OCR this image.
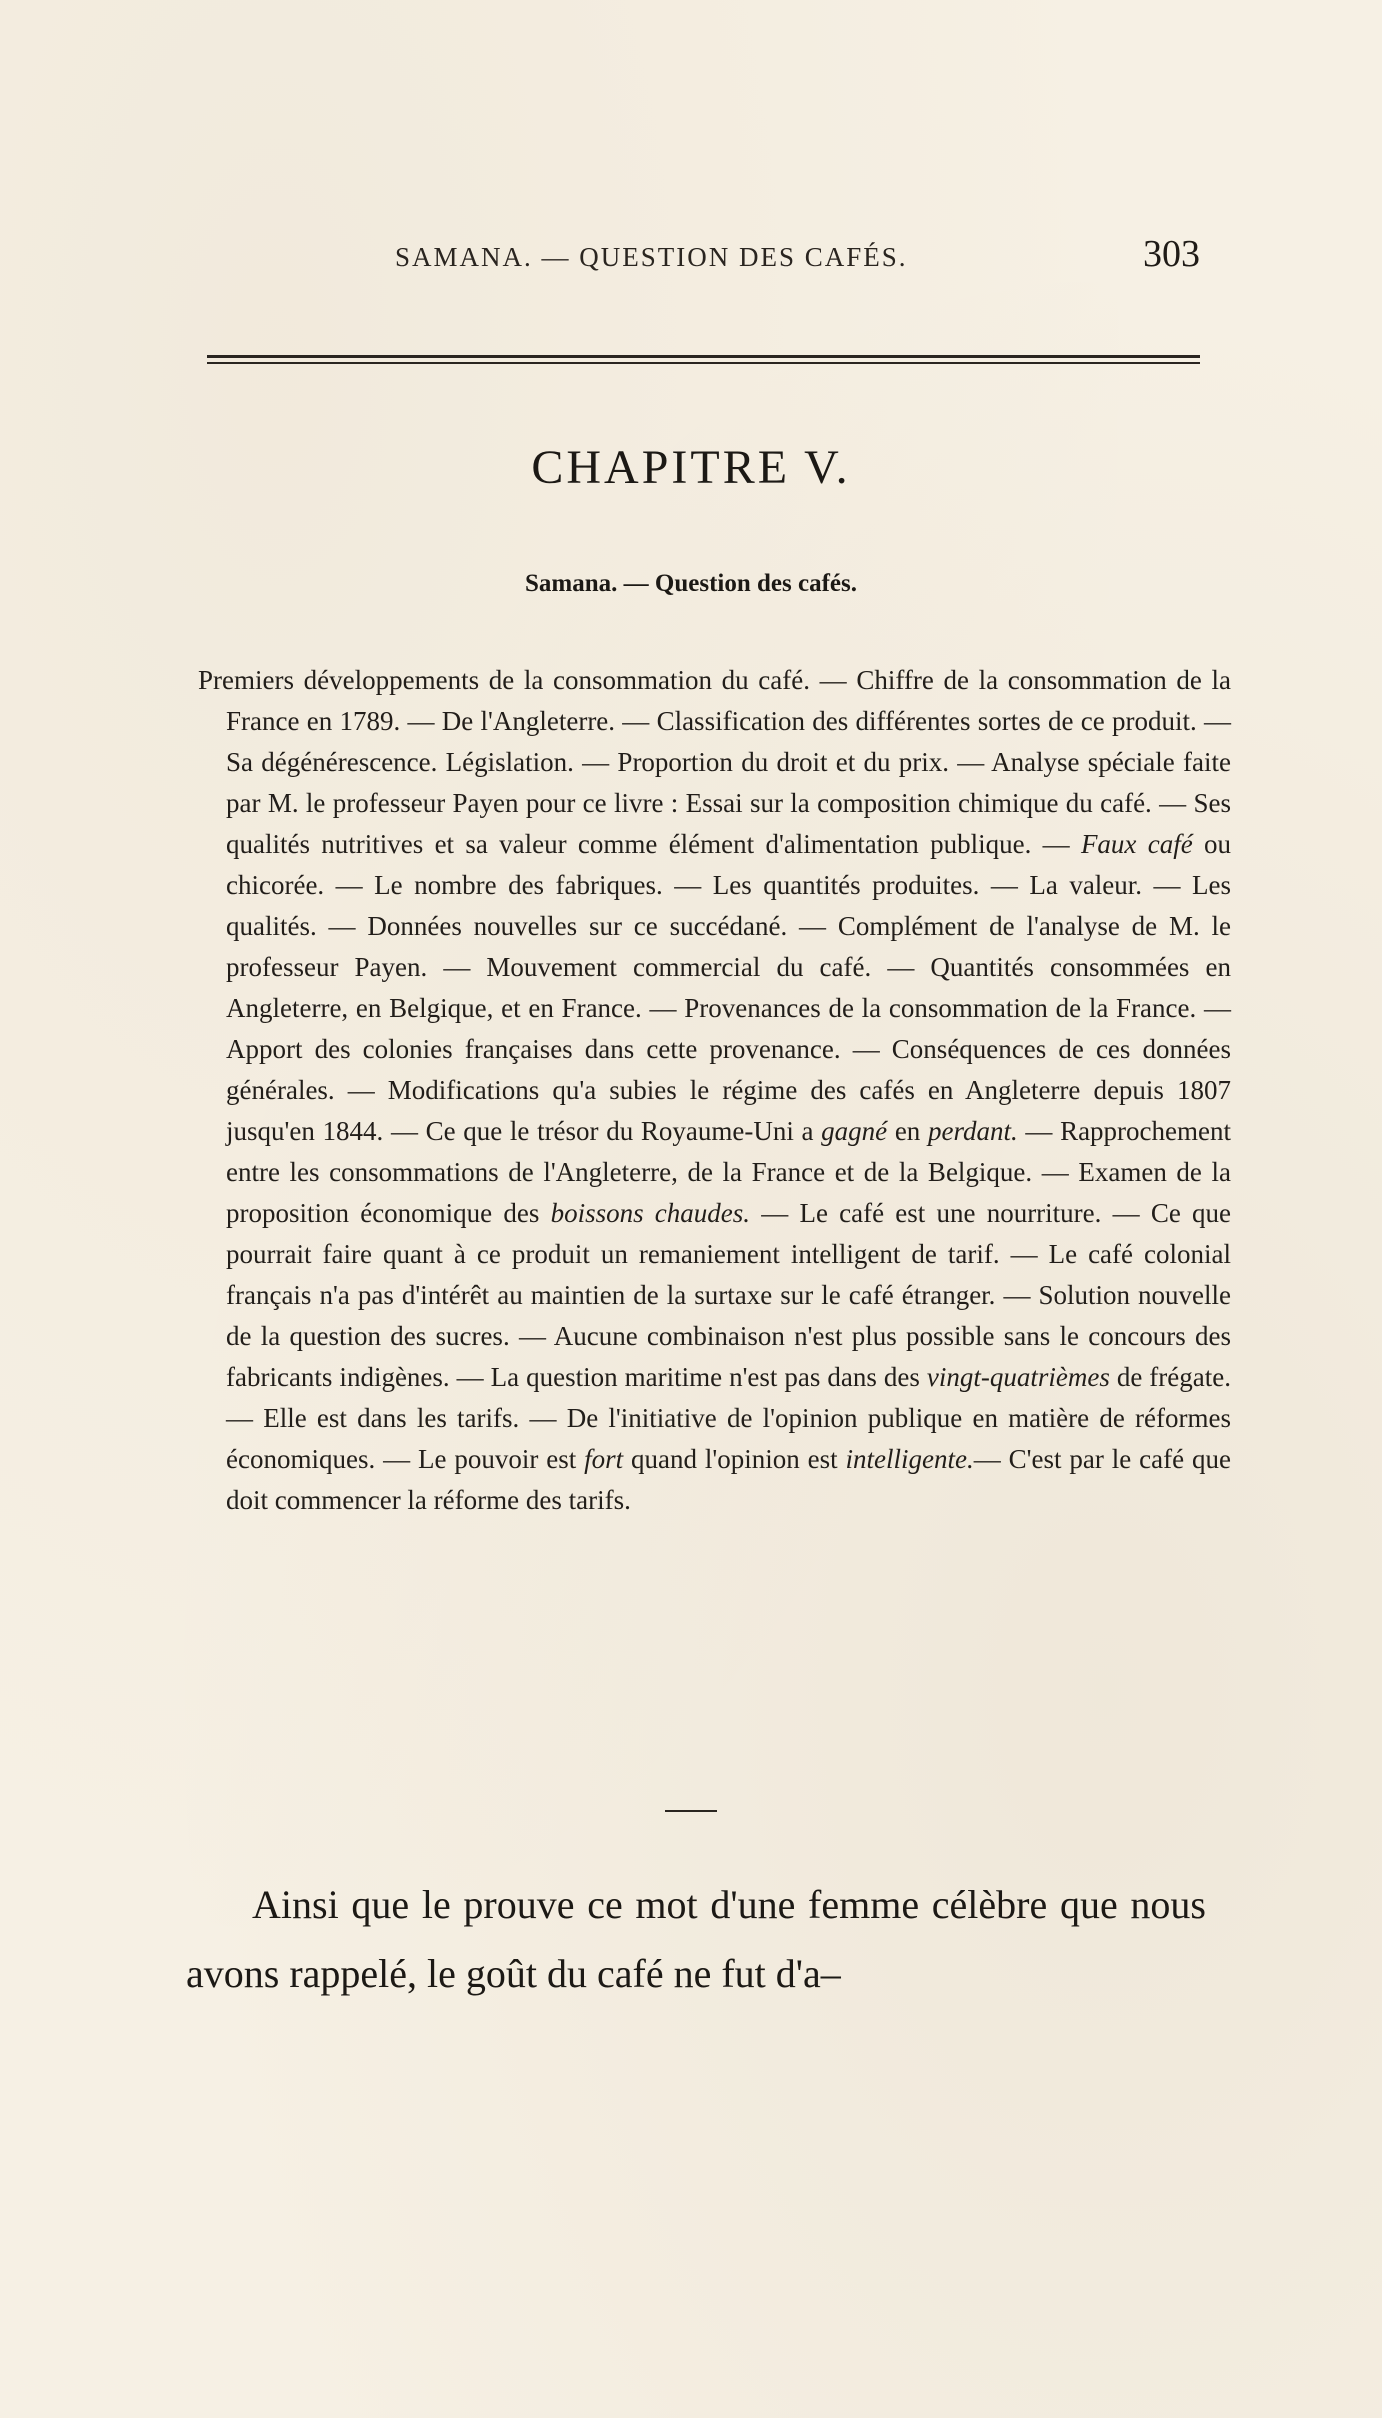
SAMANA. — QUESTION DES CAFÉS.	303
CHAPITRE V.
Samana. — Question des cafés.

Premiers développements de la consommation du café. — Chiffre de la consommation de la France en 1789. — De l'Angleterre. — Classification des différentes sortes de ce produit. — Sa dégénérescence. Législation. — Proportion du droit et du prix. — Analyse spéciale faite par M. le professeur Payen pour ce livre : Essai sur la composition chimique du café. — Ses qualités nutritives et sa valeur comme élément d'alimentation publique. — Faux café ou chicorée. — Le nombre des fabriques. — Les quantités produites. — La valeur. — Les qualités. — Données nouvelles sur ce succédané. — Complément de l'analyse de M. le professeur Payen. — Mouvement commercial du café. — Quantités consommées en Angleterre, en Belgique, et en France. — Provenances de la consommation de la France. — Apport des colonies françaises dans cette provenance. — Conséquences de ces données générales. — Modifications qu'a subies le régime des cafés en Angleterre depuis 1807 jusqu'en 1844. — Ce que le trésor du Royaume-Uni a gagné en perdant. — Rapprochement entre les consommations de l'Angleterre, de la France et de la Belgique. — Examen de la proposition économique des boissons chaudes. — Le café est une nourriture. — Ce que pourrait faire quant à ce produit un remaniement intelligent de tarif. — Le café colonial français n'a pas d'intérêt au maintien de la surtaxe sur le café étranger. — Solution nouvelle de la question des sucres. — Aucune combinaison n'est plus possible sans le concours des fabricants indigènes. — La question maritime n'est pas dans des vingt-quatrièmes de frégate. — Elle est dans les tarifs. — De l'initiative de l'opinion publique en matière de réformes économiques. — Le pouvoir est fort quand l'opinion est intelligente.— C'est par le café que doit commencer la réforme des tarifs.

Ainsi que le prouve ce mot d'une femme célèbre que nous avons rappelé, le goût du café ne fut d'a–
